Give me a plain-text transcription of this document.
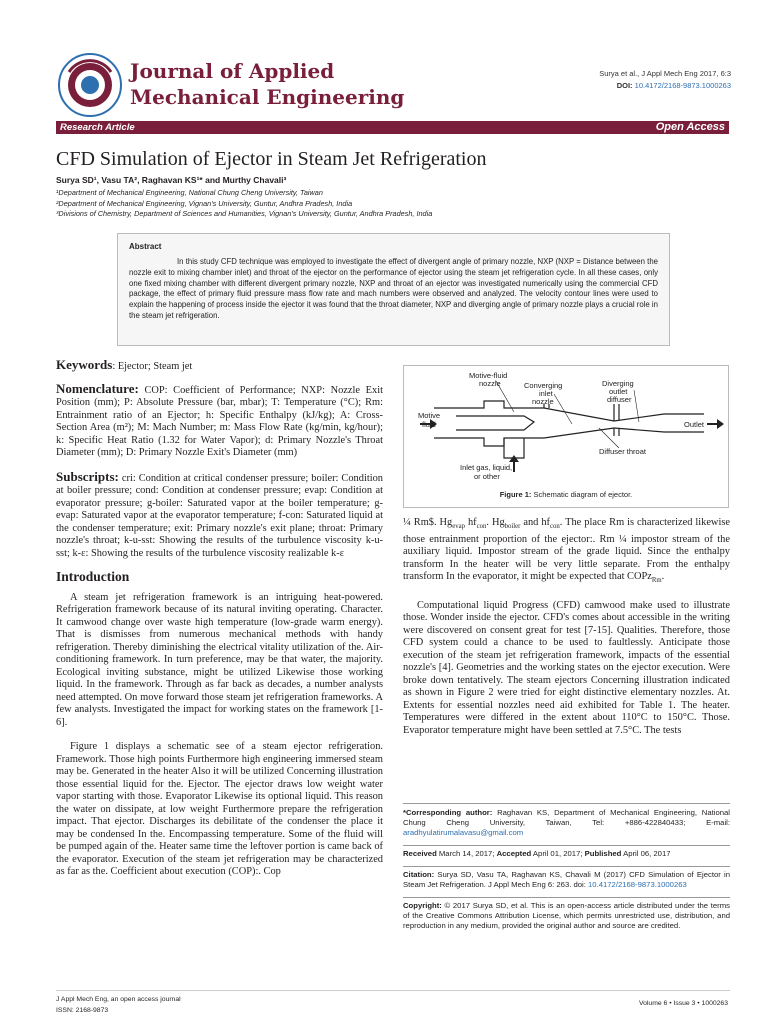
Journal of Applied
Mechanical Engineering
Surya et al., J Appl Mech Eng 2017, 6:3
DOI: 10.4172/2168-9873.1000263
Research Article	Open Access
CFD Simulation of Ejector in Steam Jet Refrigeration
Surya SD¹, Vasu TA², Raghavan KS¹* and Murthy Chavali³
¹Department of Mechanical Engineering, National Chung Cheng University, Taiwan
²Department of Mechanical Engineering, Vignan's University, Guntur, Andhra Pradesh, India
³Divisions of Chemistry, Department of Sciences and Humanities, Vignan's University, Guntur, Andhra Pradesh, India
Abstract

In this study CFD technique was employed to investigate the effect of divergent angle of primary nozzle, NXP (NXP = Distance between the nozzle exit to mixing chamber inlet) and throat of the ejector on the performance of ejector using the steam jet refrigeration cycle. In all these cases, only one fixed mixing chamber with different divergent primary nozzle, NXP and throat of an ejector was investigated numerically using the commercial CFD package, the effect of primary fluid pressure mass flow rate and mach numbers were observed and analyzed. The velocity contour lines were used to explain the happening of process inside the ejector it was found that the throat diameter, NXP and diverging angle of primary nozzle plays a crucial role in the steam jet refrigeration.

Keywords: Ejector; Steam jet

Nomenclature: COP: Coefficient of Performance; NXP: Nozzle Exit Position (mm); P: Absolute Pressure (bar, mbar); T: Temperature (°C); Rm: Entrainment ratio of an Ejector; h: Specific Enthalpy (kJ/kg); A: Cross-Section Area (m²); M: Mach Number; m: Mass Flow Rate (kg/min, kg/hour); k: Specific Heat Ratio (1.32 for Water Vapor); d: Primary Nozzle's Throat Diameter (mm); D: Primary Nozzle Exit's Diameter (mm)

Subscripts: cri: Condition at critical condenser pressure; boiler: Condition at boiler pressure; cond: Condition at condenser pressure; evap: Condition at evaporator pressure; g-boiler: Saturated vapor at the boiler temperature; g-evap: Saturated vapor at the evaporator temperature; f-con: Saturated liquid at the condenser temperature; exit: Primary nozzle's exit plane; throat: Primary nozzle's throat; k-u-sst: Showing the results of the turbulence viscosity k-u-sst; k-ε: Showing the results of the turbulence viscosity realizable k-ε

Introduction

A steam jet refrigeration framework is an intriguing heat-powered. Refrigeration framework because of its natural inviting operating. Character. It camwood change over waste high temperature (low-grade warm energy). That is dismisses from numerous mechanical methods with handy refrigeration. Thereby diminishing the electrical vitality utilization of the. Air-conditioning framework. In turn preference, may be that water, the majority. Ecological inviting substance, might be utilized Likewise those working liquid. In the framework. Through as far back as decades, a number analysts need attempted. On move forward those steam jet refrigeration frameworks. A few analysts. Investigated the impact for working states on the framework [1-6].

Figure 1 displays a schematic see of a steam ejector refrigeration. Framework. Those high points Furthermore high engineering immersed steam may be. Generated in the heater Also it will be utilized Concerning illustration those essential liquid for the. Ejector. The ejector draws low weight water vapor starting with those. Evaporator Likewise its optional liquid. This reason the water on dissipate, at low weight Furthermore prepare the refrigeration impact. That ejector. Discharges its debilitate of the condenser the place it may be condensed In the. Encompassing temperature. Some of the fluid will be pumped again of the. Heater same time the leftover portion is came back of the evaporator. Execution of the steam jet refrigeration may be characterized as far as the. Coefficient about execution (COP):. Cop

Motive-fluid
nozzle	Converging
inlet
nozzle
Diverging
outlet
diffuser
Motive
fluid	Outlet
Diffuser throat
Inlet gas, liquid,
or other
Figure 1: Schematic diagram of ejector.

¼ Rm$. $Hg_{evap}$ $hf_{con}$. $Hg_{boiler}$ and $hf_{con}$. The place Rm is characterized likewise those entrainment proportion of the ejector:. Rm ¼ impostor stream of the auxiliary liquid. Impostor stream of the grade liquid. Since the enthalpy transform In the heater will be very little separate. From the enthalpy transform In the evaporator, it might be expected that COPz$_{Rm}$.

Computational liquid Progress (CFD) camwood make used to illustrate those. Wonder inside the ejector. CFD's comes about accessible in the writing were discovered on consent great for test [7-15]. Qualities. Therefore, those CFD system could a chance to be used to faultlessly. Anticipate those execution of the steam jet refrigeration framework, impacts of the essential nozzle's [4]. Geometries and the working states on the ejector execution. Were broke down tentatively. The steam ejectors Concerning illustration indicated as shown in Figure 2 were tried for eight distinctive elementary nozzles. At. Extents for essential nozzles need aid exhibited for Table 1. The heater. Temperatures were differed in the extent about 110°C to 150°C. Those. Evaporator temperature might have been settled at 7.5°C. The tests

*Corresponding author: Raghavan KS, Department of Mechanical Engineering, National Chung Cheng University, Taiwan, Tel: +886-422840433; E-mail: aradhyulatirumalavasu@gmail.com
Received March 14, 2017; Accepted April 01, 2017; Published April 06, 2017
Citation: Surya SD, Vasu TA, Raghavan KS, Chavali M (2017) CFD Simulation of Ejector in Steam Jet Refrigeration. J Appl Mech Eng 6: 263. doi: 10.4172/2168-9873.1000263
Copyright: © 2017 Surya SD, et al. This is an open-access article distributed under the terms of the Creative Commons Attribution License, which permits unrestricted use, distribution, and reproduction in any medium, provided the original author and source are credited.
J Appl Mech Eng, an open access journal
ISSN: 2168-9873
Volume 6 • Issue 3 • 1000263
